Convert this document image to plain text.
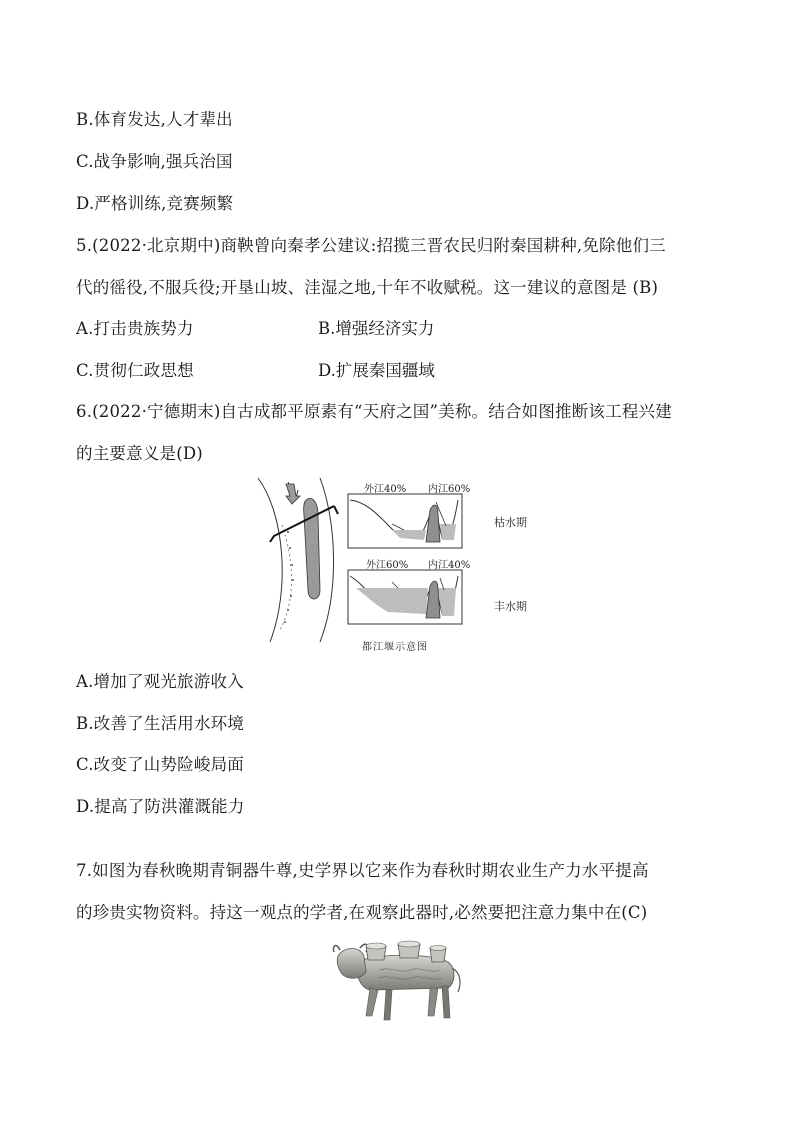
B.体育发达,人才辈出
C.战争影响,强兵治国
D.严格训练,竞赛频繁
5.(2022·北京期中)商鞅曾向秦孝公建议:招揽三晋农民归附秦国耕种,免除他们三
代的徭役,不服兵役;开垦山坡、洼湿之地,十年不收赋税。这一建议的意图是 (B)
A.打击贵族势力	B.增强经济实力
C.贯彻仁政思想	D.扩展秦国疆域
6.(2022·宁德期末)自古成都平原素有“天府之国”美称。结合如图推断该工程兴建
的主要意义是(D)
外江40% 内江60%
枯水期
外江60% 内江40%
丰水期
都江堰示意图
A.增加了观光旅游收入
B.改善了生活用水环境
C.改变了山势险峻局面
D.提高了防洪灌溉能力
7.如图为春秋晚期青铜器牛尊,史学界以它来作为春秋时期农业生产力水平提高
的珍贵实物资料。持这一观点的学者,在观察此器时,必然要把注意力集中在(C)
